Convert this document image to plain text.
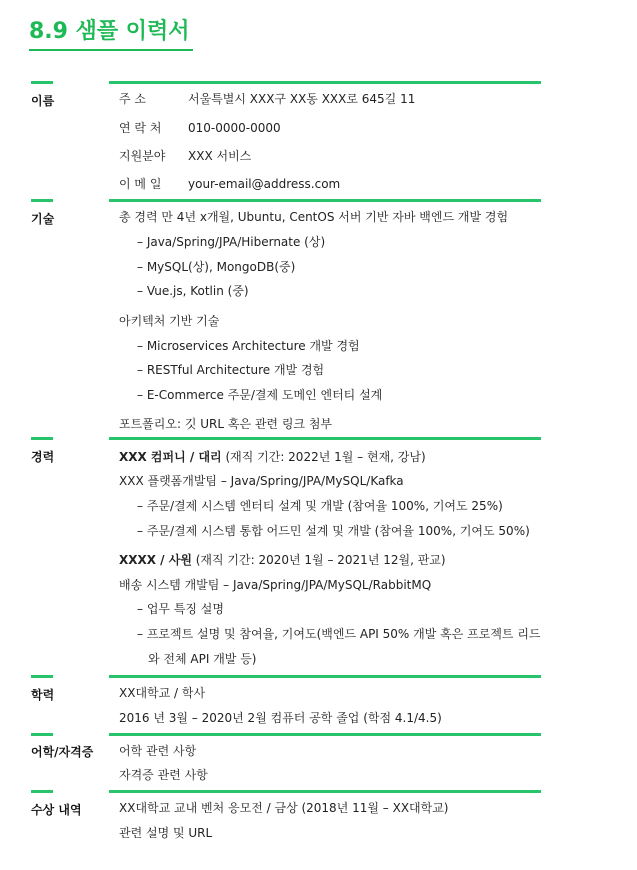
8.9 샘플 이력서
이름	주 소	서울특별시 XXX구 XX동 XXX로 645길 11
연 락 처 010-0000-0000
지원분야 XXX 서비스
이 메 일 your-email@address.com
기술	총 경력 만 4년 x개월, Ubuntu, CentOS 서버 기반 자바 백엔드 개발 경험
– Java/Spring/JPA/Hibernate (상)
– MySQL(상), MongoDB(중)
– Vue.js, Kotlin (중)
아키텍처 기반 기술
– Microservices Architecture 개발 경험
– RESTful Architecture 개발 경험
– E-Commerce 주문/결제 도메인 엔터티 설계
포트폴리오: 깃 URL 혹은 관련 링크 첨부
경력	XXX 컴퍼니 / 대리 (재직 기간: 2022년 1월 – 현재, 강남)
XXX 플랫폼개발팀 – Java/Spring/JPA/MySQL/Kafka
– 주문/결제 시스템 엔터티 설계 및 개발 (참여율 100%, 기여도 25%)
– 주문/결제 시스템 통합 어드민 설계 및 개발 (참여율 100%, 기여도 50%)
XXXX / 사원 (재직 기간: 2020년 1월 – 2021년 12월, 판교)
배송 시스템 개발팀 – Java/Spring/JPA/MySQL/RabbitMQ
– 업무 특징 설명
– 프로젝트 설명 및 참여율, 기여도(백엔드 API 50% 개발 혹은 프로젝트 리드
와 전체 API 개발 등)
학력	XX대학교 / 학사
2016 년 3월 – 2020년 2월 컴퓨터 공학 졸업 (학점 4.1/4.5)
어학/자격증 어학 관련 사항
자격증 관련 사항
수상 내역	XX대학교 교내 벤처 응모전 / 금상 (2018년 11월 – XX대학교)
관련 설명 및 URL
